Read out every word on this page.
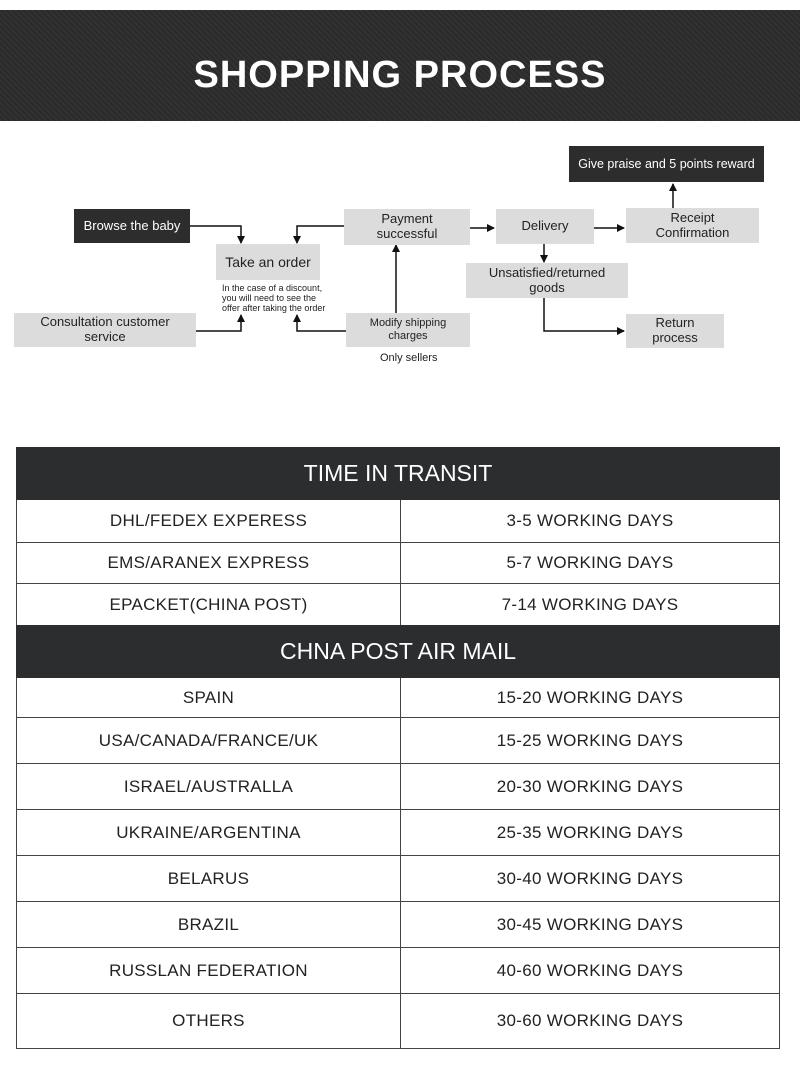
SHOPPING PROCESS
Browse the baby
Take an order
In the case of a discount,
you will need to see the
offer after taking the order
Consultation customer service
Payment successful
Modify shipping charges
Only sellers
Delivery
Unsatisfied/returned goods
Receipt Confirmation
Give praise and 5 points reward
Return process
TIME IN TRANSIT
DHL/FEDEX EXPERESS	3-5 WORKING DAYS
EMS/ARANEX EXPRESS	5-7 WORKING DAYS
EPACKET(CHINA POST)	7-14 WORKING DAYS
CHNA POST AIR MAIL
SPAIN	15-20 WORKING DAYS
USA/CANADA/FRANCE/UK	15-25 WORKING DAYS
ISRAEL/AUSTRALLA	20-30 WORKING DAYS
UKRAINE/ARGENTINA	25-35 WORKING DAYS
BELARUS	30-40 WORKING DAYS
BRAZIL	30-45 WORKING DAYS
RUSSLAN FEDERATION	40-60 WORKING DAYS
OTHERS	30-60 WORKING DAYS
